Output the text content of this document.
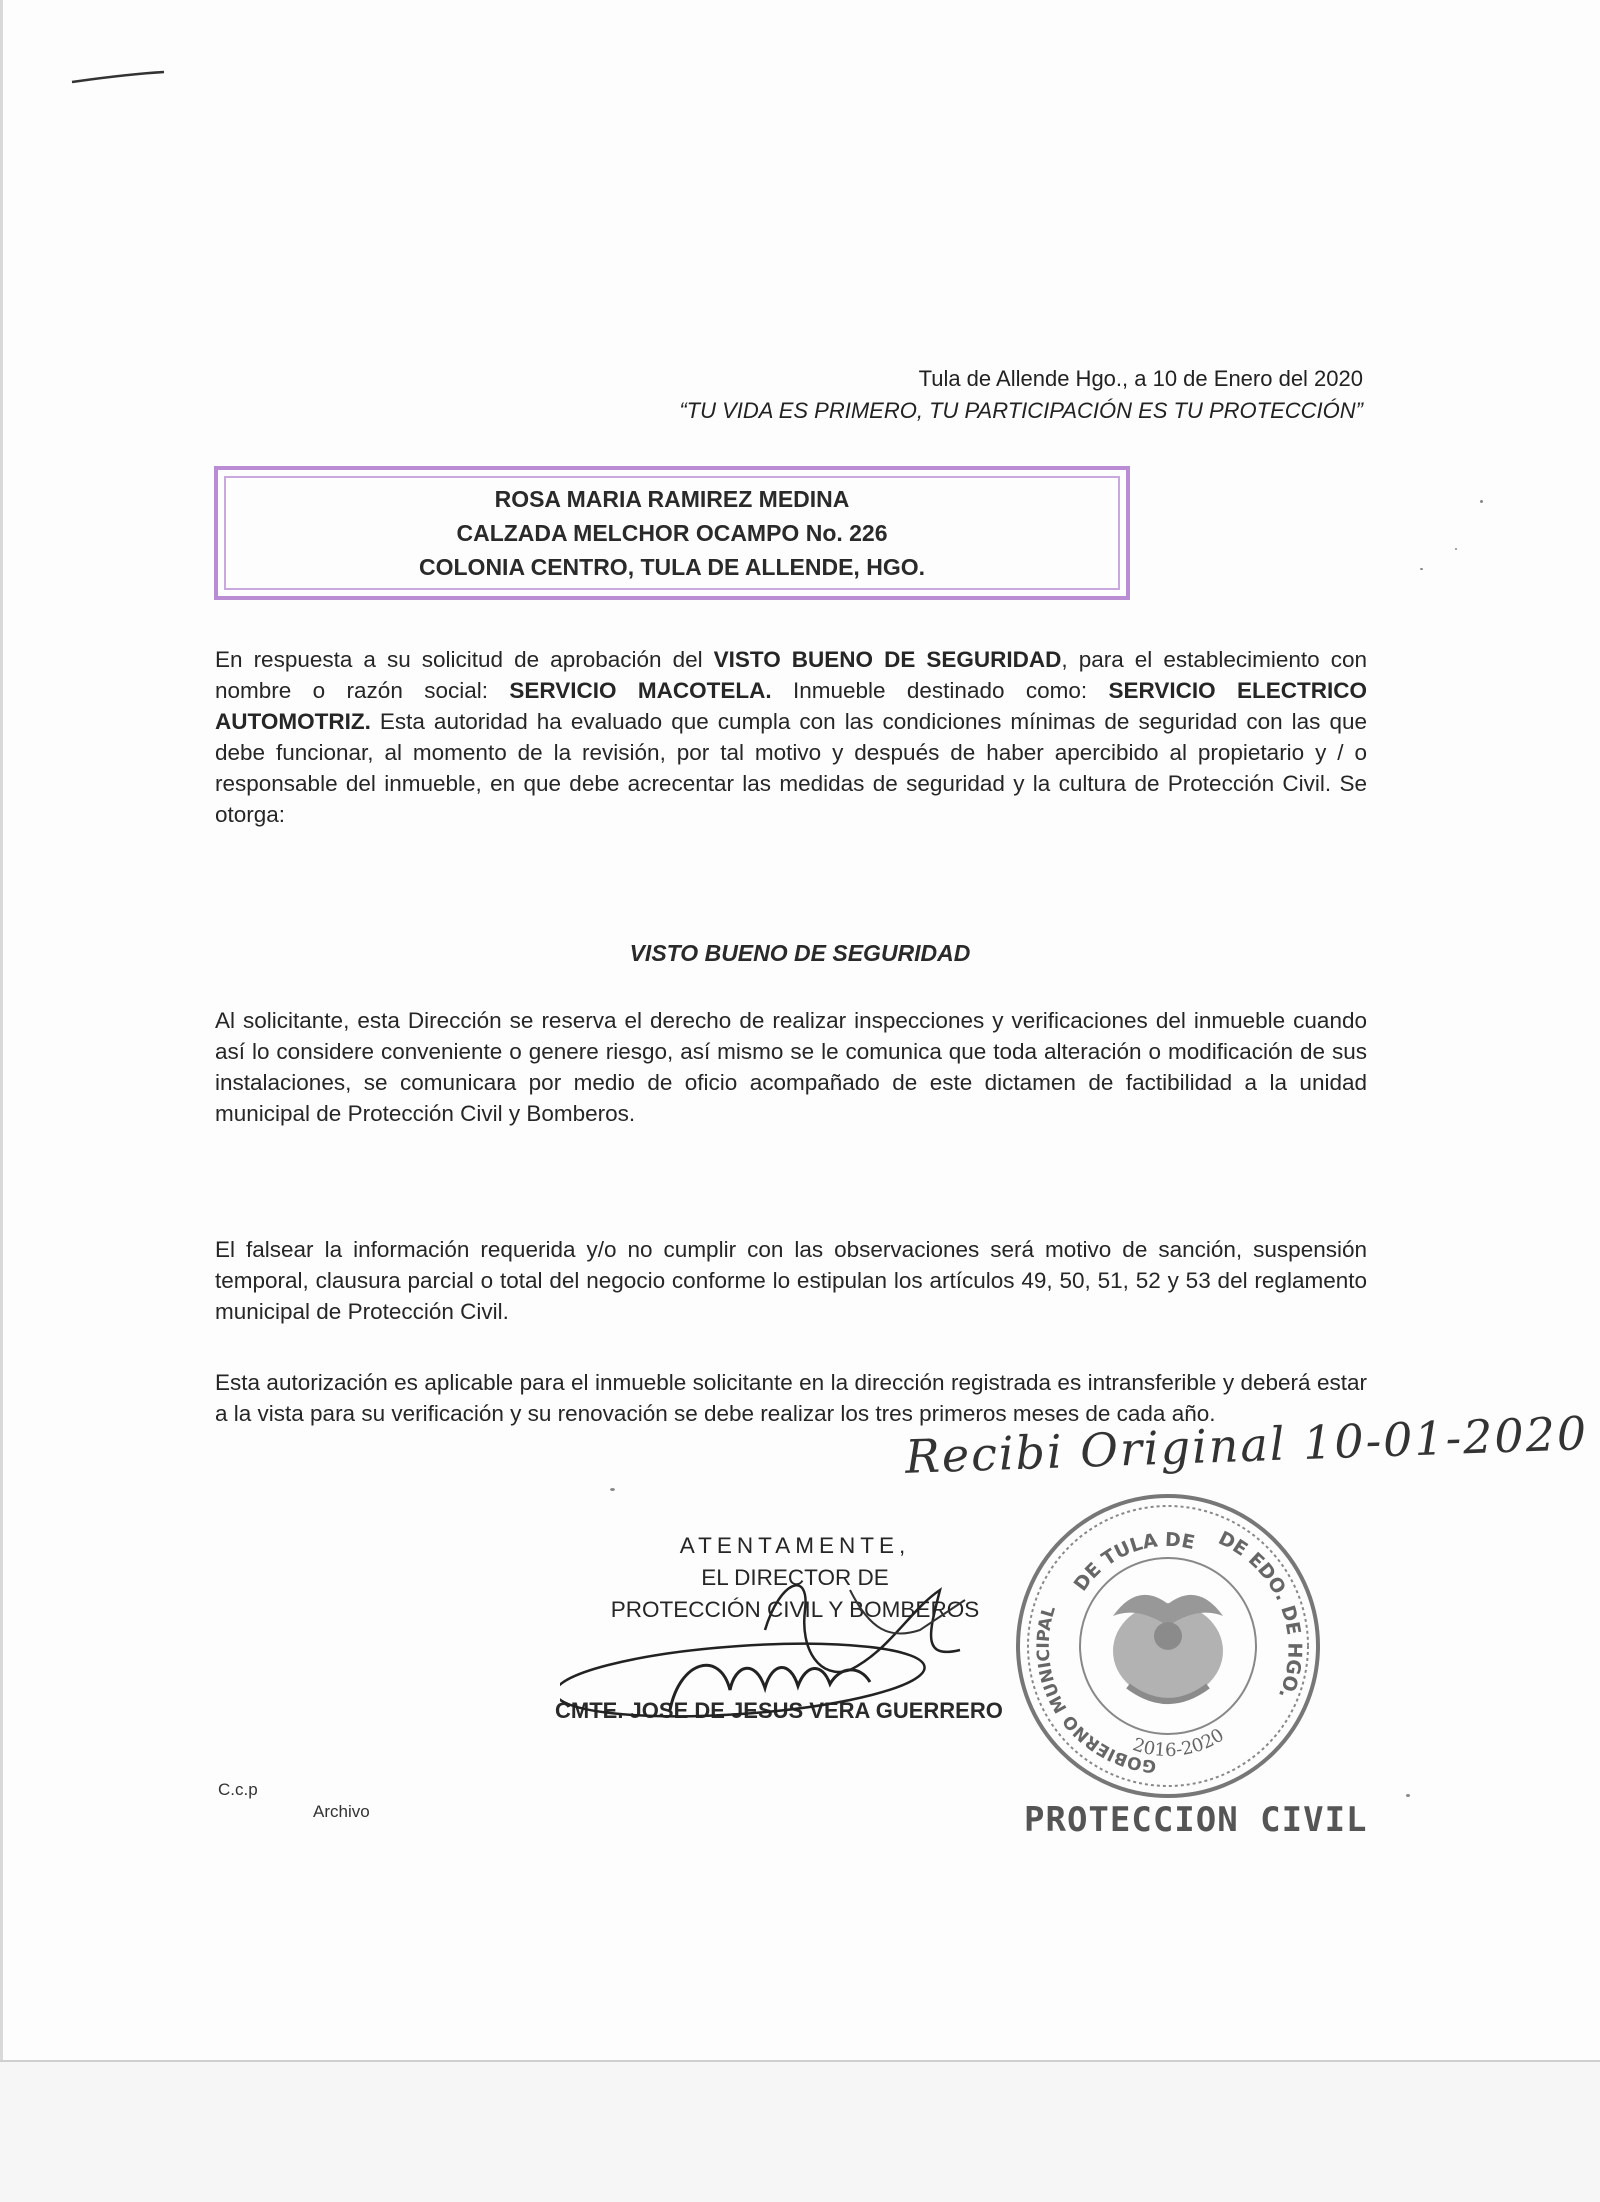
Tula de Allende Hgo., a 10 de Enero del 2020
“TU VIDA ES PRIMERO, TU PARTICIPACIÓN ES TU PROTECCIÓN”
ROSA MARIA RAMIREZ MEDINA
CALZADA MELCHOR OCAMPO No. 226
COLONIA CENTRO, TULA DE ALLENDE, HGO.
En respuesta a su solicitud de aprobación del VISTO BUENO DE SEGURIDAD, para el establecimiento con nombre o razón social: SERVICIO MACOTELA. Inmueble destinado como: SERVICIO ELECTRICO AUTOMOTRIZ. Esta autoridad ha evaluado que cumpla con las condiciones mínimas de seguridad con las que debe funcionar, al momento de la revisión, por tal motivo y después de haber apercibido al propietario y / o responsable del inmueble, en que debe acrecentar las medidas de seguridad y la cultura de Protección Civil. Se otorga:
VISTO BUENO DE SEGURIDAD
Al solicitante, esta Dirección se reserva el derecho de realizar inspecciones y verificaciones del inmueble cuando así lo considere conveniente o genere riesgo, así mismo se le comunica que toda alteración o modificación de sus instalaciones, se comunicara por medio de oficio acompañado de este dictamen de factibilidad a la unidad municipal de Protección Civil y Bomberos.
El falsear la información requerida y/o no cumplir con las observaciones será motivo de sanción, suspensión temporal, clausura parcial o total del negocio conforme lo estipulan los artículos 49, 50, 51, 52 y 53 del reglamento municipal de Protección Civil.
Esta autorización es aplicable para el inmueble solicitante en la dirección registrada es intransferible y deberá estar a la vista para su verificación y su renovación se debe realizar los tres primeros meses de cada año.
Recibi Original 10-01-2020
DE TULA DE
GOBIERNO MUNICIPAL
DE EDO. DE HGO.
2016-2020
ATENTAMENTE,
EL DIRECTOR DE
PROTECCIÓN CIVIL Y BOMBEROS
CMTE. JOSE DE JESUS VERA GUERRERO
C.c.p
Archivo	PROTECCION CIVIL
